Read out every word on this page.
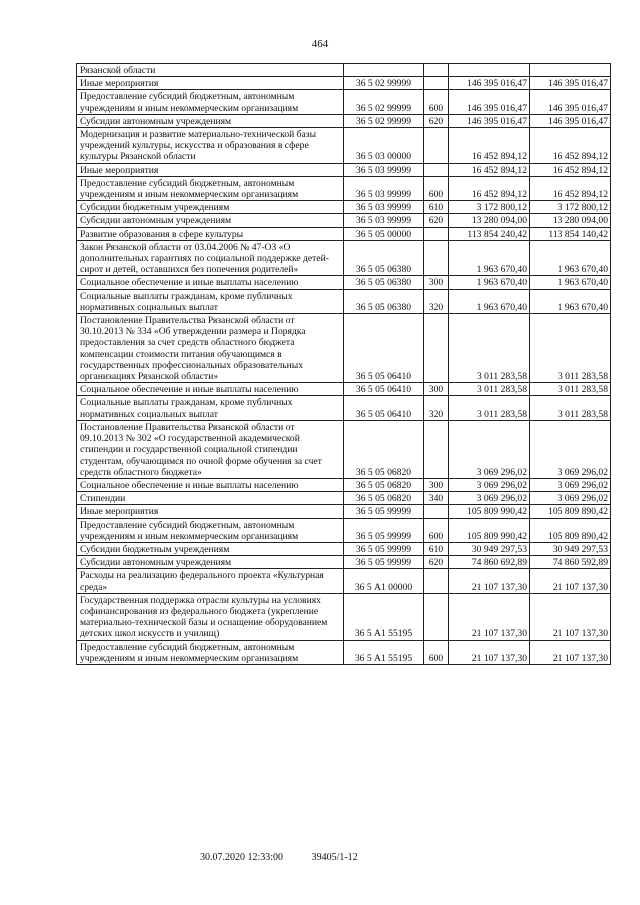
464
Рязанской области				
Иные мероприятия	36 5 02 99999		146 395 016,47	146 395 016,47
Предоставление субсидий бюджетным, автономным учреждениям и иным некоммерческим организациям	36 5 02 99999	600	146 395 016,47	146 395 016,47
Субсидии автономным учреждениям	36 5 02 99999	620	146 395 016,47	146 395 016,47
Модернизация и развитие материально-технической базы учреждений культуры, искусства и образования в сфере культуры Рязанской области	36 5 03 00000		16 452 894,12	16 452 894,12
Иные мероприятия	36 5 03 99999		16 452 894,12	16 452 894,12
Предоставление субсидий бюджетным, автономным учреждениям и иным некоммерческим организациям	36 5 03 99999	600	16 452 894,12	16 452 894,12
Субсидии бюджетным учреждениям	36 5 03 99999	610	3 172 800,12	3 172 800,12
Субсидии автономным учреждениям	36 5 03 99999	620	13 280 094,00	13 280 094,00
Развитие образования в сфере культуры	36 5 05 00000		113 854 240,42	113 854 140,42
Закон Рязанской области от 03.04.2006 № 47-ОЗ «О дополнительных гарантиях по социальной поддержке детей-сирот и детей, оставшихся без попечения родителей»	36 5 05 06380		1 963 670,40	1 963 670,40
Социальное обеспечение и иные выплаты населению	36 5 05 06380	300	1 963 670,40	1 963 670,40
Социальные выплаты гражданам, кроме публичных нормативных социальных выплат	36 5 05 06380	320	1 963 670,40	1 963 670,40
Постановление Правительства Рязанской области от 30.10.2013 № 334 «Об утверждении размера и Порядка предоставления за счет средств областного бюджета компенсации стоимости питания обучающимся в государственных профессиональных образовательных организациях Рязанской области»	36 5 05 06410		3 011 283,58	3 011 283,58
Социальное обеспечение и иные выплаты населению	36 5 05 06410	300	3 011 283,58	3 011 283,58
Социальные выплаты гражданам, кроме публичных нормативных социальных выплат	36 5 05 06410	320	3 011 283,58	3 011 283,58
Постановление Правительства Рязанской области от 09.10.2013 № 302 «О государственной академической стипендии и государственной социальной стипендии студентам, обучающимся по очной форме обучения за счет средств областного бюджета»	36 5 05 06820		3 069 296,02	3 069 296,02
Социальное обеспечение и иные выплаты населению	36 5 05 06820	300	3 069 296,02	3 069 296,02
Стипендии	36 5 05 06820	340	3 069 296,02	3 069 296,02
Иные мероприятия	36 5 05 99999		105 809 990,42	105 809 890,42
Предоставление субсидий бюджетным, автономным учреждениям и иным некоммерческим организациям	36 5 05 99999	600	105 809 990,42	105 809 890,42
Субсидии бюджетным учреждениям	36 5 05 99999	610	30 949 297,53	30 949 297,53
Субсидии автономным учреждениям	36 5 05 99999	620	74 860 692,89	74 860 592,89
Расходы на реализацию федерального проекта «Культурная среда»	36 5 А1 00000		21 107 137,30	21 107 137,30
Государственная поддержка отрасли культуры на условиях софинансирования из федерального бюджета (укрепление материально-технической базы и оснащение оборудованием детских школ искусств и училищ)	36 5 А1 55195		21 107 137,30	21 107 137,30
Предоставление субсидий бюджетным, автономным учреждениям и иным некоммерческим организациям	36 5 А1 55195	600	21 107 137,30	21 107 137,30
30.07.2020 12:33:00	39405/1-12
